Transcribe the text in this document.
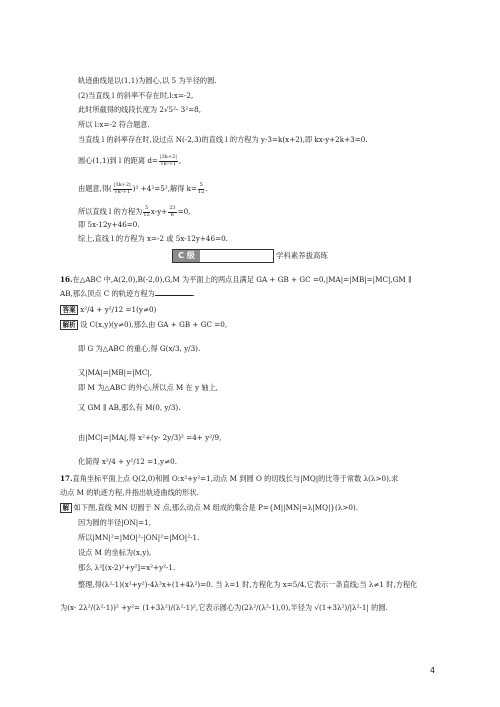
轨迹曲线是以(1,1)为圆心,以 5 为半径的圆.
(2)当直线 l 的斜率不存在时,l:x=-2,
此时所截得的线段长度为 2√5²- 3²=8,
所以 l:x=-2 符合题意.
当直线 l 的斜率存在时,设过点 N(-2,3)的直线 l 的方程为 y-3=k(x+2),即 kx-y+2k+3=0.
圆心(1,1)到 l 的距离 $d= \frac{|3k+2|}{\text{√k²+1}}$ ,
由题意,得( $\frac{|3k+2|}{\text{√k²+1}} )^2 +4^2=5^2$,解得 $k= \frac{5}{12}$ .
所以直线 l 的方程为 $\frac{5}{12} x-y+ \frac{23}{6} =0$,
即 5x-12y+46=0.
综上,直线 l 的方程为 x=-2 或 5x-12y+46=0.
C 级	学科素养拔高练
16.在△ABC 中,A(2,0),B(-2,0),G,M 为平面上的两点且满足 GA + GB + GC =0,|MA|=|MB|=|MC|,GM ∥
AB,那么顶点 C 的轨迹方程为	.
答案 x²/4 + y²/12 =1(y≠0)
解析 设 C(x,y)(y≠0),那么由 GA + GB + GC =0,
即 G 为△ABC 的重心,得 G(x/3, y/3).
又|MA|=|MB|=|MC|,
即 M 为△ABC 的外心,所以点 M 在 y 轴上,
又 GM ∥ AB,那么有 M(0, y/3).
由|MC|=|MA|,得 x²+(y- 2y/3)² =4+ y²/9,
化简得 x²/4 + y²/12 =1,y≠0.
17.直角坐标平面上点 Q(2,0)和圆 O:x²+y²=1,动点 M 到圆 O 的切线长与|MQ|的比等于常数 λ(λ>0),求
动点 M 的轨迹方程,并指出轨迹曲线的形状.
解 如下图,直线 MN 切圆于 N 点,那么动点 M 组成的集合是 P={M||MN|=λ|MQ|}(λ>0).
因为圆的半径|ON|=1,
所以|MN|²=|MO|²-|ON|²=|MO|²-1.
设点 M 的坐标为(x,y),
那么 λ²[(x-2)²+y²]=x²+y²-1.
整理,得(λ²-1)(x²+y²)-4λ²x+(1+4λ²)=0. 当 λ=1 时,方程化为 x=5/4,它表示一条直线;当 λ≠1 时,方程化
为(x- 2λ²/(λ²-1))² +y²= (1+3λ²)/(λ²-1)²,它表示圆心为(2λ²/(λ²-1),0),半径为 √(1+3λ²)/|λ²-1| 的圆.
4
